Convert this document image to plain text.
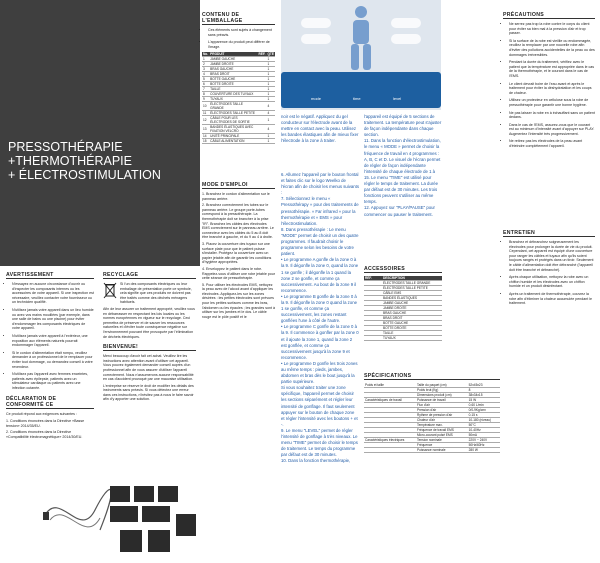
PRESSOTHÉRAPIE
+THERMOTHÉRAPIE
+ ÉLECTROSTIMULATION

AVERTISSEMENT
• N'essayez en aucune circonstance d'ouvrir ou d'inspecter les composants internes ou les accessoires de votre appareil. Si une inspection est nécessaire, veuillez contacter votre fournisseur ou un technicien qualifié.
• N'utilisez jamais votre appareil dans un lieu humide ou avec vos mains mouillées (par exemple, dans une salle de bains ou une piscine) pour éviter d'endommager les composants électriques de votre appareil.
• N'utilisez jamais votre appareil à l'extérieur, une exposition aux éléments naturels pourrait endommager l'appareil.
• Si le cordon d'alimentation était rompu, veuillez demander à un professionnel de le remplacer pour éviter tout dommage, ou demandez conseil à votre revendeur.
• N'utilisez pas l'appareil avec femmes enceintes, patients avec épilepsie, patients avec un stimulateur cardiaque ou patients avec une infection cutanée.
DÉCLARATION DE CONFORMITÉ CE

Ce produit répond aux exigences suivantes :

1. Conditions énoncées dans la Directive «Basse tension» 2014/35/EU.

2. Conditions énoncées dans la Directive «Compatibilité électromagnétique» 2014/30/EU.

RECYCLAGE

Si l'un des composants électriques ou leur emballage de présentation porte ce symbole, cela signifie que ces produits ne doivent pas être traités comme des déchets ménagers habituels.

Afin de leur assurer un traitement approprié, veuillez vous en débarrasser en respectant les lois locales ou les normes européennes en vigueur sur le recyclage. Ceci permettra de préserver et de sauver les ressources naturelles et d'éviter toute conséquence négative sur l'environnement pouvant être provoquée par l'élimination de déchets électriques.

BIENVENUE!

Merci beaucoup d'avoir fait cet achat. Veuillez lire les instructions avec attention avant d'utiliser cet appareil. Vous pouvez également demander conseil auprès d'un professionnel afin de vous assurer d'utiliser l'appareil correctement. Nous n'assumerons aucune responsabilité en cas d'accident provoqué par une mauvaise utilisation.

L'entreprise se réserve le droit de modifier les détails des instruments sans préavis. Si vous détectez une erreur dans ces instructions, n'hésitez pas à nous le faire savoir afin d'y apporter une solution.

CONTENU DE L'EMBALLAGE
• Ces éléments sont sujets à changement sans préavis.
• L'apparence du produit peut différer de l'image.
No.	PRODUIT	RÉF.	QTÉ
1	JAMBE GAUCHE		1
2	JAMBE DROITE		1
3	BRAS GAUCHE		1
4	BRAS DROIT		1
5	BOTTE GAUCHE		1
6	BOTTE DROITE		1
7	TAILLE		1
8	COUVERTURE DES TUYAUX		1
9	TUYAUX		1
10	ÉLECTRODES TAILLE GRANDE		4
11	ÉLECTRODES TAILLE PETITE		4
12	CÂBLE POUR LES ÉLECTRODES DE SORTIE		1
13	BANDES ÉLASTIQUES AVEC FIXATION VELCRO		4
14	UNITÉ PRINCIPALE		1
15	CÂBLE ALIMENTATION		1
MODE D'EMPLOI

1. Branchez le cordon d'alimentation sur le panneau arrière.

2. Branchez correctement les tubes sur le panneau arrière. Le groupe porte-tubes correspond à la pressothérapie. La thermothérapie doit se brancher à la prise "IR". Branchez les câbles des électrodes EMS correctement sur le panneau arrière. Le connecteur avec les câbles du 5 au 8 doit être branché à gauche, et du 9 au 4 à droite.

3. Placez la couverture des tuyaux sur une surface plate pour que le patient puisse s'installer. Protégez la couverture avec un papier jetable afin de garantir les conditions d'hygiène appropriées.

4. Enveloppez le patient dans le robe. Rappelez-vous d'utiliser une robe jetable pour cette séance de pressothérapie.

5. Pour utiliser les électrodes EMS, nettoyez la peau avec de l'alcool avant d'appliquer les électrodes. Appliquez-les sur les zones désirées : les petites électrodes sont prévues pour les petites surfaces comme les bras, l'abdomen ou les épaules ; les grandes sont à utiliser sur les jambes et le dos. Le câble rouge est le pôle positif et le

mode	time	level

noir est le négatif. Appliquez du gel conducteur sur l'électrode avant de la mettre en contact avec la peau. Utilisez les bandes élastiques afin de mieux fixer l'électrode à la zone à traiter.

6. Allumez l'appareil par le bouton frontal et faites clic sur le logo Weelko de l'écran afin de choisir les menus suivants :

7. Sélectionnez le menu « Pressothérapy » pour des traitements de pressothérapie. « Far infrared » pour la thermothérapie et « EMS » pour l'électrostimulation.

8. Dans pressothérapie : Le menu "MODE" permet de choisir un des quatre programmes. Il faudrait choisir le programme selon les besoins de votre patient.

• Le programme A gonfle de la zone 0 à la 9. Il dégonfle la zone 0, quand la zone 1 se gonfle ; il dégonfle la 1 quand la zone 2 se gonfle, et comme ça successivement. Au bout de la zone 9 il recommence.

• Le programme B gonfle de la zone 0 à la 9. Il dégonfle la zone 0 quand la zone 1 se gonfle, et comme ça successivement, les zones restant gonflées l'une à côté de l'autre.

• Le programme C gonfle de la zone 0 à la 9. Il commence à gonfler par la zone 0 et il ajoute la zone 1, quand la zone 2 est gonflée, et comme ça successivement jusqu'à la zone 9 et recommence.

• Le programme D gonfle les trois zones au même temps : pieds, jambes, abdomen et bras dès le bout jusqu'à la partie supérieure.

Si vous souhaitez traiter une zone spécifique, l'appareil permet de choisir les sections séparément et régler leur intensité de gonflage. Il faut seulement appuyer sur le bouton de chaque zone et régler l'intensité avec les boutons + et -.

9. Le menu "LEVEL" permet de régler l'intensité de gonflage à très niveaux. Le menu "TIME" permet de choisir le temps de traitement. Le temps du programme par défaut est de 30 minutes.

10. Dans la fonction thermothérapie,

l'appareil est équipé de 5 sections de traitement. La température peut s'ajuster de façon indépendante dans chaque section.

11. Dans la fonction d'électrostimulation, le menu « MODE » permet de choisir la fréquence de travail en 4 programmes : A, B, C et D. Le visuel de l'écran permet de régler de façon indépendante l'intensité de chaque électrode de 1 à 15. Le menu "TIME" est utilisé pour régler le temps de traitement. La durée par défaut est de 30 minutes. Les trois fonctions peuvent s'utiliser au même temps.

12. Appuyez sur "PLAY/PAUSE" pour commencer ou pauser le traitement.

ACCESSOIRES
RÉF.	DESCRIPTION
	ÉLECTRODES TAILLE GRANDE
	ÉLECTRODES TAILLE PETITE
	CÂBLE EMS
	BANDES ÉLASTIQUES
	JAMBE GAUCHE
	JAMBE DROITE
	BRAS GAUCHE
	BRAS DROIT
	BOTTE GAUCHE
	BOTTE DROITE
	TAILLE
	TUYAUX
SPÉCIFICATIONS
Poids et taille	Taille du paquet (cm)	52x45x23
	Poids brut (Kg)	8
	Dimensions produit (cm)	38x34x15
Caractéristiques de travail	Puissance de travail	15 W
	Flux d'air	0-60 L/min
	Pression d'air	0/0-9Kg/cm²
	Rythme de pression d'air	0-15 s
	Chaleur d'air	10-180 (niveau)
	Température max.	50°C
	Fréquence de travail EMS	10-40Hz
	Micro-courant pulsé EMS	50mA
Caractéristiques électriques	Tension nominale	220V ~ 240V
	Fréquence	50Hz/60Hz
	Puissance nominale	280 W
PRÉCAUTIONS
• Ne serrez pas trop la robe contre le corps du client pour éviter sa bien mal à la pression d'air et trop passer.
• Si la surface de la robe est vieillie ou endommagée, veuillez la remplacer par une nouvelle robe afin d'éviter des pollutions accidentelles de la peau ou des dommages irréversibles.
• Pendant la durée du traitement, vérifiez avec le patient que la température est appropriée dans le cas de la thermothérapie, et le courant dans le cas de l'EMS.
• Le client devrait boire de l'eau avant et après le traitement pour éviter la déshydratation et les coups de chaleur.
• Utilisez un protecteur en cellulose sous la robe de pressothérapie pour garantir une bonne hygiène.
• Ne pas laisser la robe en à échauffant sans un patient dedans.
• Dans le cas de l'EMS, assurez-vous que le courant est au minimum d'intensité avant d'appuyer sur PLAY. Augmentez l'intensité très progressivement.
• Ne retirez pas les électrodes de la peau avant d'éteindre complètement l'appareil.
ENTRETIEN
• Branchez et débranchez soigneusement les électrodes pour prolonger la durée de vie du produit. Cependant, cet appareil est équipé d'une couverture pour ranger les câbles et tuyaux afin qu'ils soient toujours rangés et protégés dans un tiroir. Seulement le câble d'alimentation doit être débranché (l'appareil doit être branché et débranché).
• Après chaque utilisation, nettoyez la robe avec un chiffon humide et les électrodes avec un chiffon humide et un produit désinfectant.
• Après un traitement de thermothérapie, couvrez la robe afin d'éliminer la chaleur accumulée pendant le traitement.
